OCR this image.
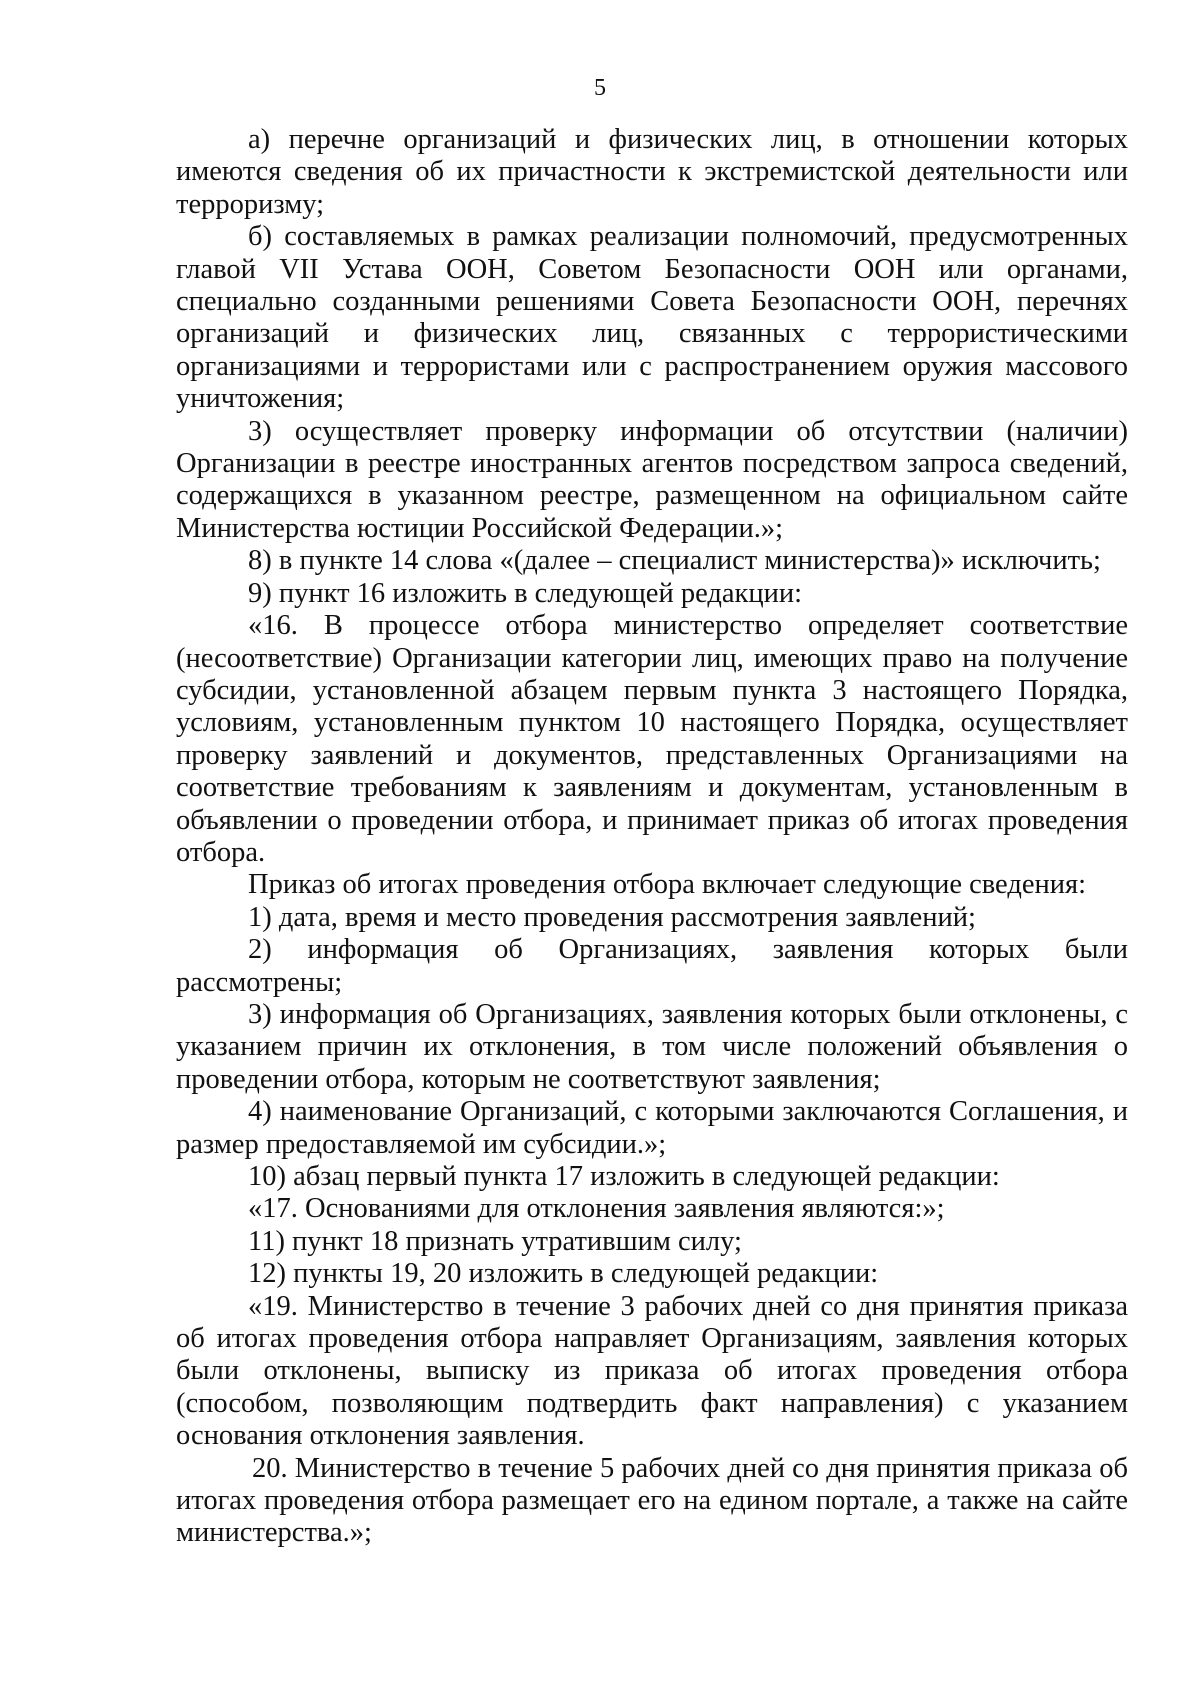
5

а) перечне организаций и физических лиц, в отношении которых имеются сведения об их причастности к экстремистской деятельности или терроризму;

б) составляемых в рамках реализации полномочий, предусмотренных главой VII Устава ООН, Советом Безопасности ООН или органами, специально созданными решениями Совета Безопасности ООН, перечнях организаций и физических лиц, связанных с террористическими организациями и террористами или с распространением оружия массового уничтожения;

3) осуществляет проверку информации об отсутствии (наличии) Организации в реестре иностранных агентов посредством запроса сведений, содержащихся в указанном реестре, размещенном на официальном сайте Министерства юстиции Российской Федерации.»;

8) в пункте 14 слова «(далее – специалист министерства)» исключить;

9) пункт 16 изложить в следующей редакции:

«16. В процессе отбора министерство определяет соответствие (несоответствие) Организации категории лиц, имеющих право на получение субсидии, установленной абзацем первым пункта 3 настоящего Порядка, условиям, установленным пунктом 10 настоящего Порядка, осуществляет проверку заявлений и документов, представленных Организациями на соответствие требованиям к заявлениям и документам, установленным в объявлении о проведении отбора, и принимает приказ об итогах проведения отбора.

Приказ об итогах проведения отбора включает следующие сведения:

1) дата, время и место проведения рассмотрения заявлений;

2) информация об Организациях, заявления которых были рассмотрены;

3) информация об Организациях, заявления которых были отклонены, с указанием причин их отклонения, в том числе положений объявления о проведении отбора, которым не соответствуют заявления;

4) наименование Организаций, с которыми заключаются Соглашения, и размер предоставляемой им субсидии.»;

10) абзац первый пункта 17 изложить в следующей редакции:

«17. Основаниями для отклонения заявления являются:»;

11) пункт 18 признать утратившим силу;

12) пункты 19, 20 изложить в следующей редакции:

«19. Министерство в течение 3 рабочих дней со дня принятия приказа об итогах проведения отбора направляет Организациям, заявления которых были отклонены, выписку из приказа об итогах проведения отбора (способом, позволяющим подтвердить факт направления) с указанием основания отклонения заявления.

20. Министерство в течение 5 рабочих дней со дня принятия приказа об итогах проведения отбора размещает его на едином портале, а также на сайте министерства.»;
